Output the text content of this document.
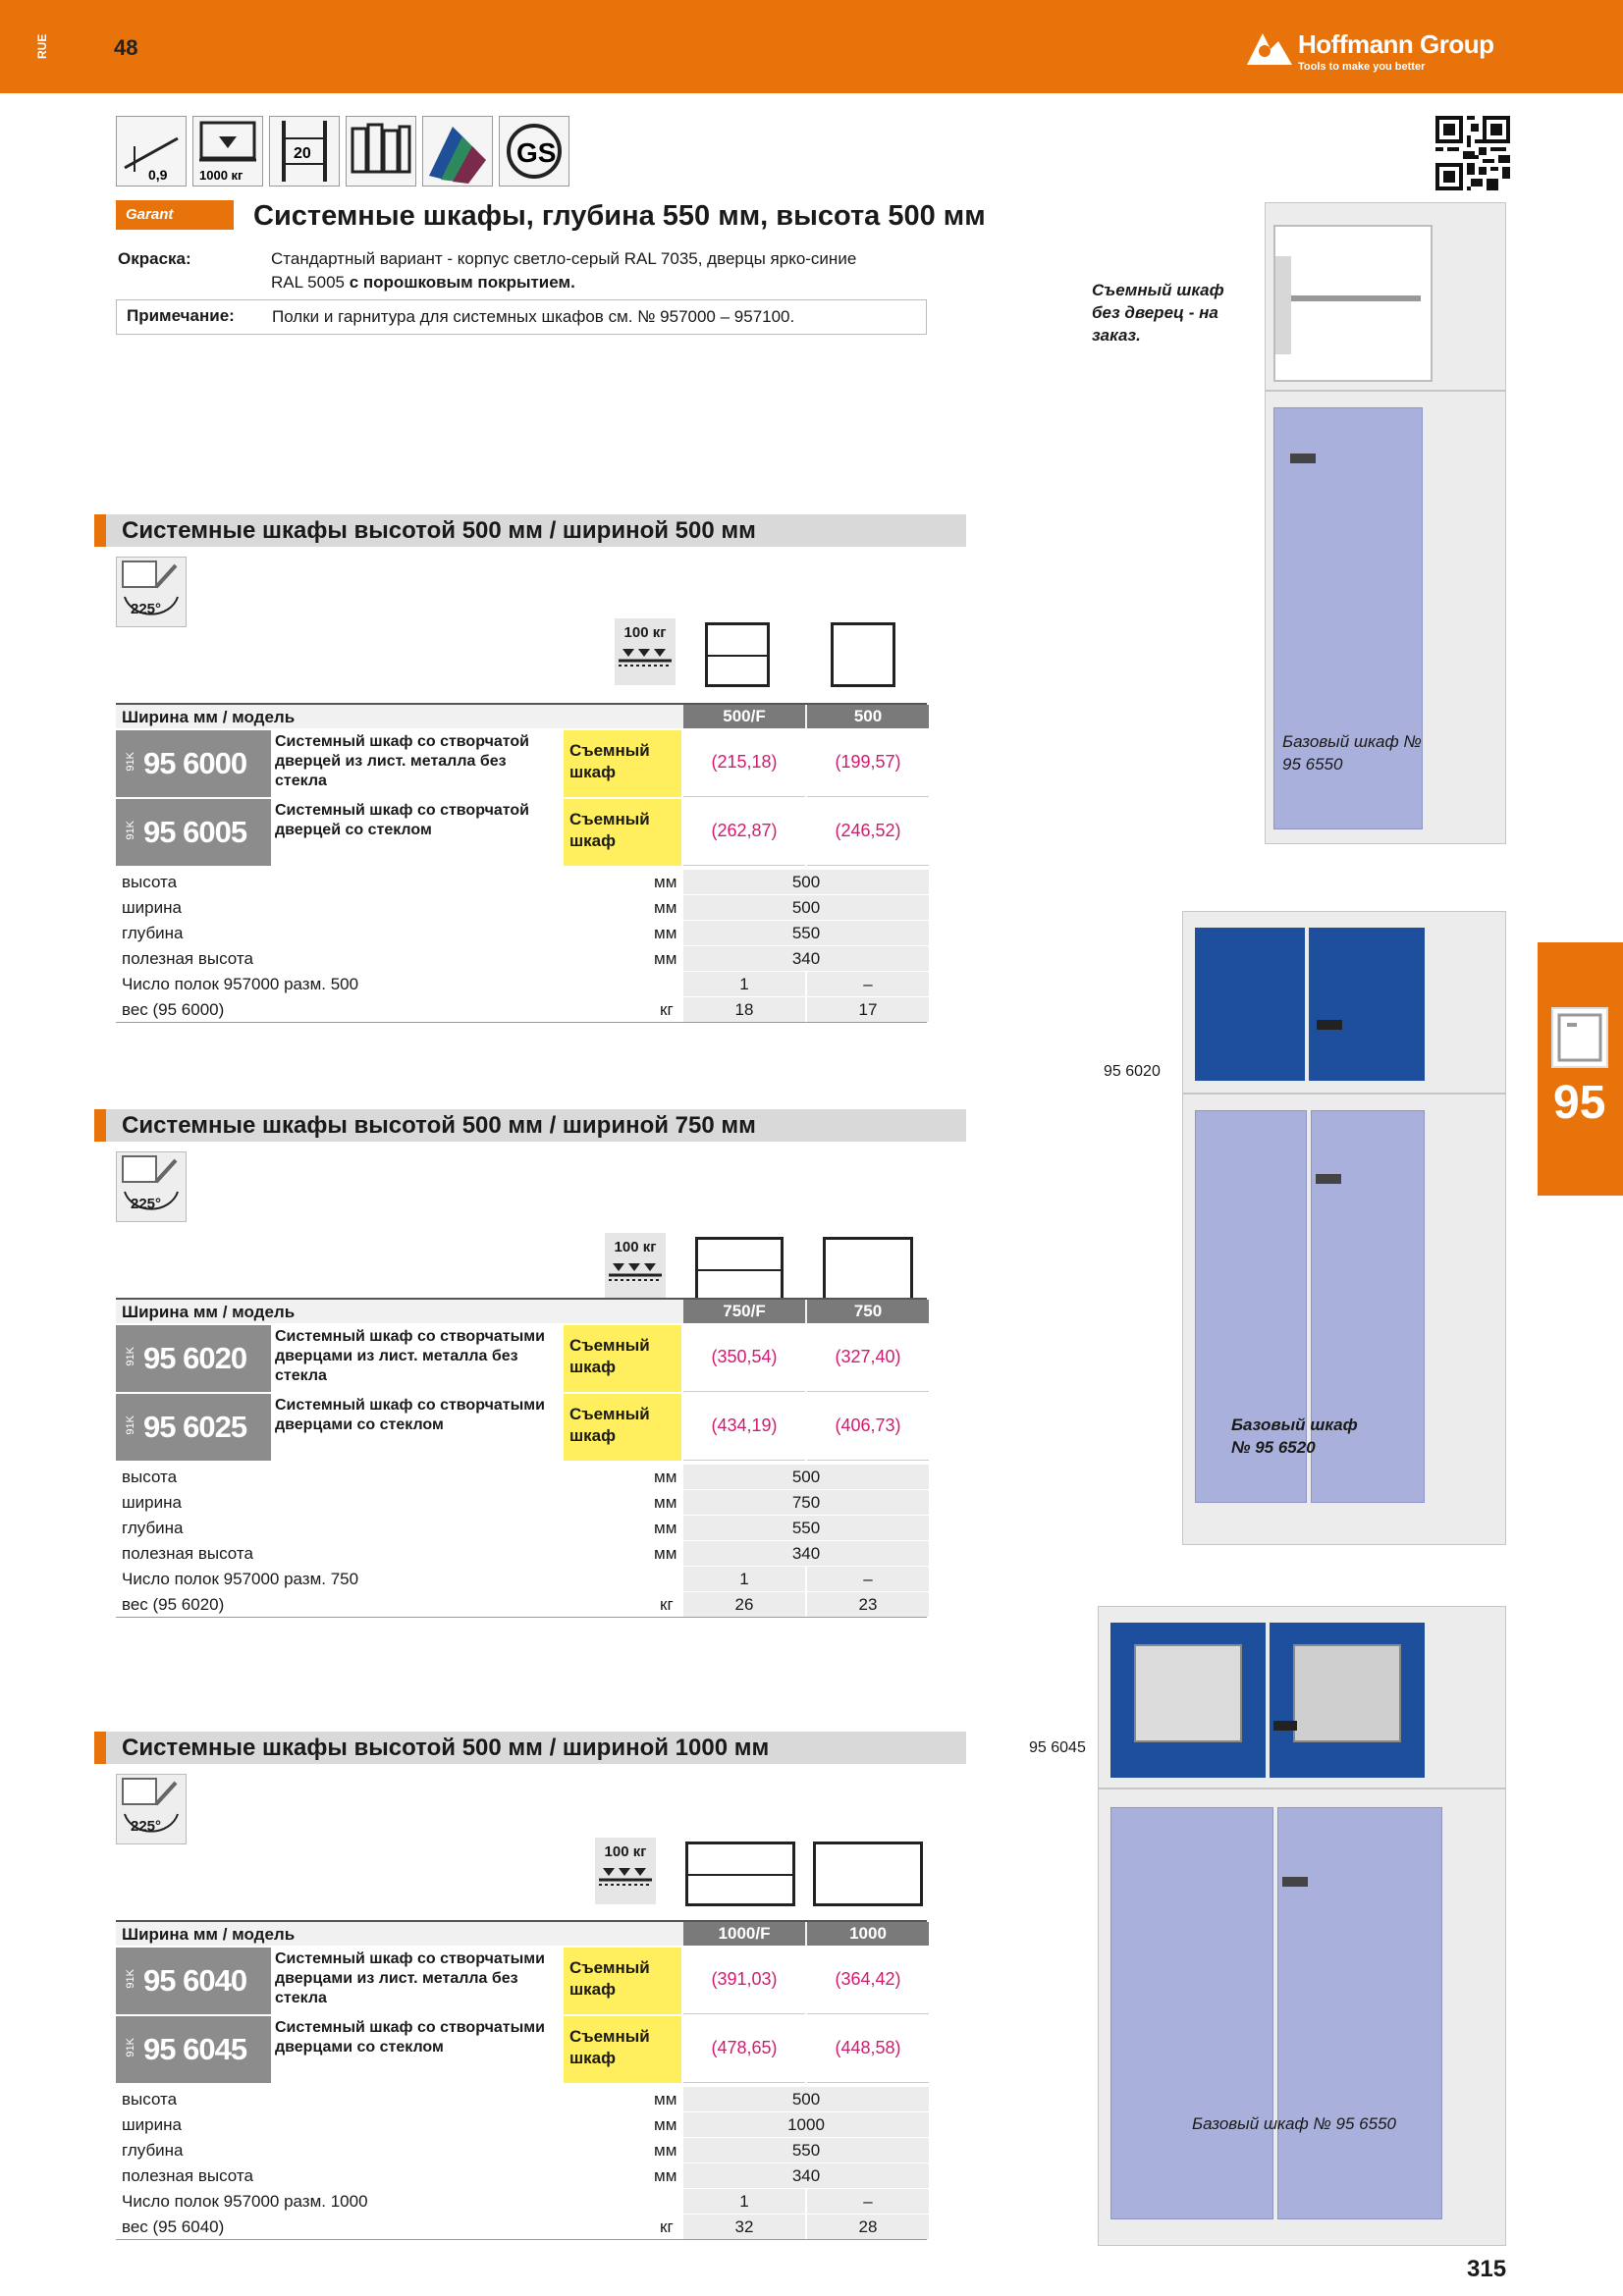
RUE	48	Hoffmann Group
Tools to make you better
0,9	1000 кг
20	GS
Garant	Системные шкафы, глубина 550 мм, высота 500 мм
Окраска:	Стандартный вариант - корпус светло-серый RAL 7035, дверцы ярко-синие
RAL 5005 с порошковым покрытием.
Примечание: Полки и гарнитура для системных шкафов см. № 957000 – 957100.
Системные шкафы высотой 500 мм / шириной 500 мм
225°
100 кг
Ширина мм / модель	500/F	500
91K 95 6000
Системный шкаф со створчатой дверцей из лист. металла без стекла
Съемный шкаф
(215,18)	(199,57)
91K 95 6005
Системный шкаф со створчатой дверцей со стеклом
Съемный шкаф
(262,87)	(246,52)
высота	мм	500
ширина	мм	500
глубина	мм	550
полезная высота	мм	340
Число полок 957000 разм. 500	1	–
вес (95 6000)	кг	18	17
Системные шкафы высотой 500 мм / шириной 750 мм
225°
100 кг
Ширина мм / модель	750/F	750
91K 95 6020
Системный шкаф со створчатыми дверцами из лист. металла без стекла
Съемный шкаф
(350,54)	(327,40)
91K 95 6025
Системный шкаф со створчатыми дверцами со стеклом
Съемный шкаф
(434,19)	(406,73)
высота	мм	500
ширина	мм	750
глубина	мм	550
полезная высота	мм	340
Число полок 957000 разм. 750	1	–
вес (95 6020)	кг	26	23
Системные шкафы высотой 500 мм / шириной 1000 мм
225°
100 кг
Ширина мм / модель	1000/F	1000
91K 95 6040
Системный шкаф со створчатыми дверцами из лист. металла без стекла
Съемный шкаф
(391,03)	(364,42)
91K 95 6045
Системный шкаф со створчатыми дверцами со стеклом
Съемный шкаф
(478,65)	(448,58)
высота	мм	500
ширина	мм	1000
глубина	мм	550
полезная высота	мм	340
Число полок 957000 разм. 1000	1	–
вес (95 6040)	кг	32	28
Съемный шкаф без дверец - на заказ.
Базовый шкаф № 95 6550
95 6020
Базовый шкаф № 95 6520
95 6045
Базовый шкаф № 95 6550
95
315
